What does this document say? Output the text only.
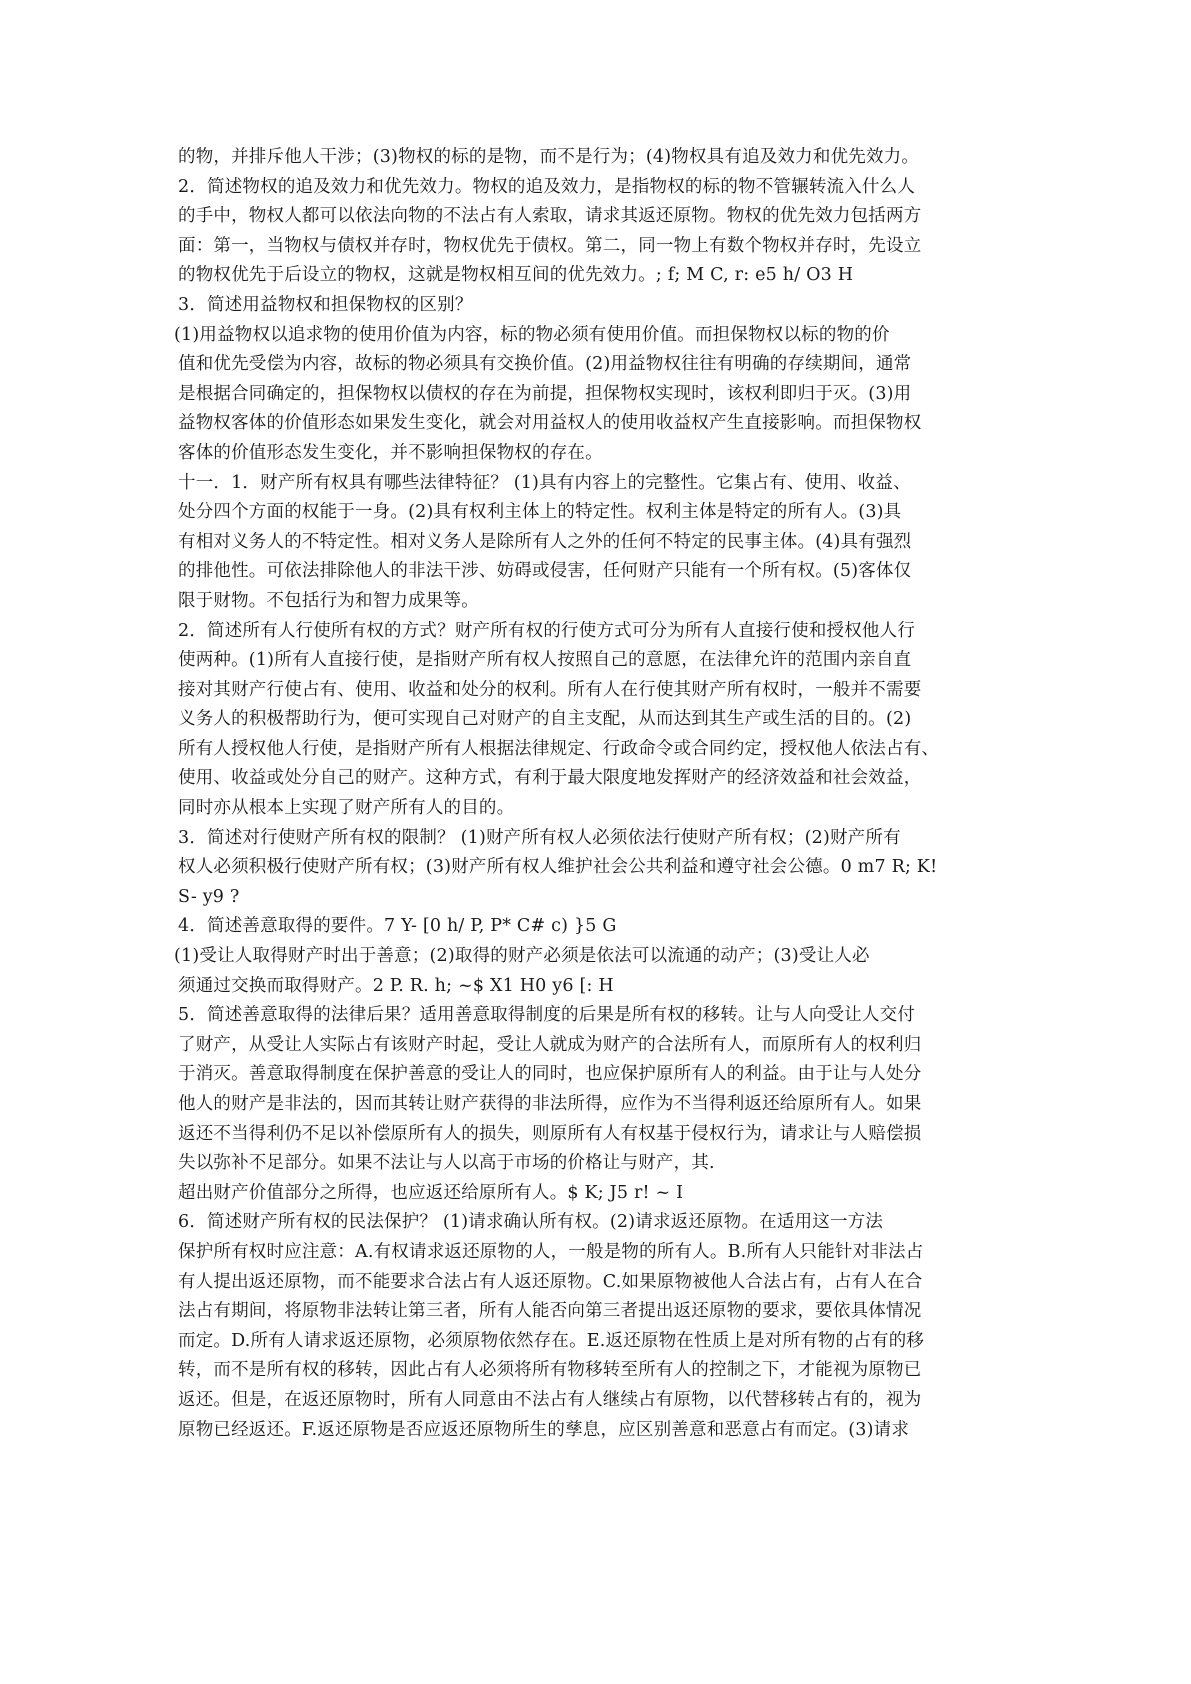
的物，并排斥他人干涉；(3)物权的标的是物，而不是行为；(4)物权具有追及效力和优先效力。

2．简述物权的追及效力和优先效力。物权的追及效力，是指物权的标的物不管辗转流入什么人
的手中，物权人都可以依法向物的不法占有人索取，请求其返还原物。物权的优先效力包括两方
面：第一，当物权与债权并存时，物权优先于债权。第二，同一物上有数个物权并存时，先设立
的物权优先于后设立的物权，这就是物权相互间的优先效力。; f; M C, r: e5 h/ O3 H

3．简述用益物权和担保物权的区别？

(1)用益物权以追求物的使用价值为内容，标的物必须有使用价值。而担保物权以标的物的价
值和优先受偿为内容，故标的物必须具有交换价值。(2)用益物权往往有明确的存续期间，通常
是根据合同确定的，担保物权以债权的存在为前提，担保物权实现时，该权利即归于灭。(3)用
益物权客体的价值形态如果发生变化，就会对用益权人的使用收益权产生直接影响。而担保物权
客体的价值形态发生变化，并不影响担保物权的存在。

十一．1．财产所有权具有哪些法律特征？ (1)具有内容上的完整性。它集占有、使用、收益、
处分四个方面的权能于一身。(2)具有权利主体上的特定性。权利主体是特定的所有人。(3)具
有相对义务人的不特定性。相对义务人是除所有人之外的任何不特定的民事主体。(4)具有强烈
的排他性。可依法排除他人的非法干涉、妨碍或侵害，任何财产只能有一个所有权。(5)客体仅
限于财物。不包括行为和智力成果等。

2．简述所有人行使所有权的方式？财产所有权的行使方式可分为所有人直接行使和授权他人行
使两种。(1)所有人直接行使，是指财产所有权人按照自己的意愿，在法律允许的范围内亲自直
接对其财产行使占有、使用、收益和处分的权利。所有人在行使其财产所有权时，一般并不需要
义务人的积极帮助行为，便可实现自己对财产的自主支配，从而达到其生产或生活的目的。(2)
所有人授权他人行使，是指财产所有人根据法律规定、行政命令或合同约定，授权他人依法占有、
使用、收益或处分自己的财产。这种方式，有利于最大限度地发挥财产的经济效益和社会效益，
同时亦从根本上实现了财产所有人的目的。

3．简述对行使财产所有权的限制？ (1)财产所有权人必须依法行使财产所有权；(2)财产所有
权人必须积极行使财产所有权；(3)财产所有权人维护社会公共利益和遵守社会公德。0 m7 R; K!
S- y9 ?

4．简述善意取得的要件。7 Y- [0 h/ P, P* C# c) }5 G

(1)受让人取得财产时出于善意；(2)取得的财产必须是依法可以流通的动产；(3)受让人必
须通过交换而取得财产。2 P. R. h; ~$ X1 H0 y6 [: H

5．简述善意取得的法律后果？适用善意取得制度的后果是所有权的移转。让与人向受让人交付
了财产，从受让人实际占有该财产时起，受让人就成为财产的合法所有人，而原所有人的权利归
于消灭。善意取得制度在保护善意的受让人的同时，也应保护原所有人的利益。由于让与人处分
他人的财产是非法的，因而其转让财产获得的非法所得，应作为不当得利返还给原所有人。如果
返还不当得利仍不足以补偿原所有人的损失，则原所有人有权基于侵权行为，请求让与人赔偿损
失以弥补不足部分。如果不法让与人以高于市场的价格让与财产，其.

超出财产价值部分之所得，也应返还给原所有人。$ K; J5 r! ~ I

6．简述财产所有权的民法保护？ (1)请求确认所有权。(2)请求返还原物。在适用这一方法
保护所有权时应注意：A.有权请求返还原物的人，一般是物的所有人。B.所有人只能针对非法占
有人提出返还原物，而不能要求合法占有人返还原物。C.如果原物被他人合法占有，占有人在合
法占有期间，将原物非法转让第三者，所有人能否向第三者提出返还原物的要求，要依具体情况
而定。D.所有人请求返还原物，必须原物依然存在。E.返还原物在性质上是对所有物的占有的移
转，而不是所有权的移转，因此占有人必须将所有物移转至所有人的控制之下，才能视为原物已
返还。但是，在返还原物时，所有人同意由不法占有人继续占有原物，以代替移转占有的，视为
原物已经返还。F.返还原物是否应返还原物所生的孳息，应区别善意和恶意占有而定。(3)请求
